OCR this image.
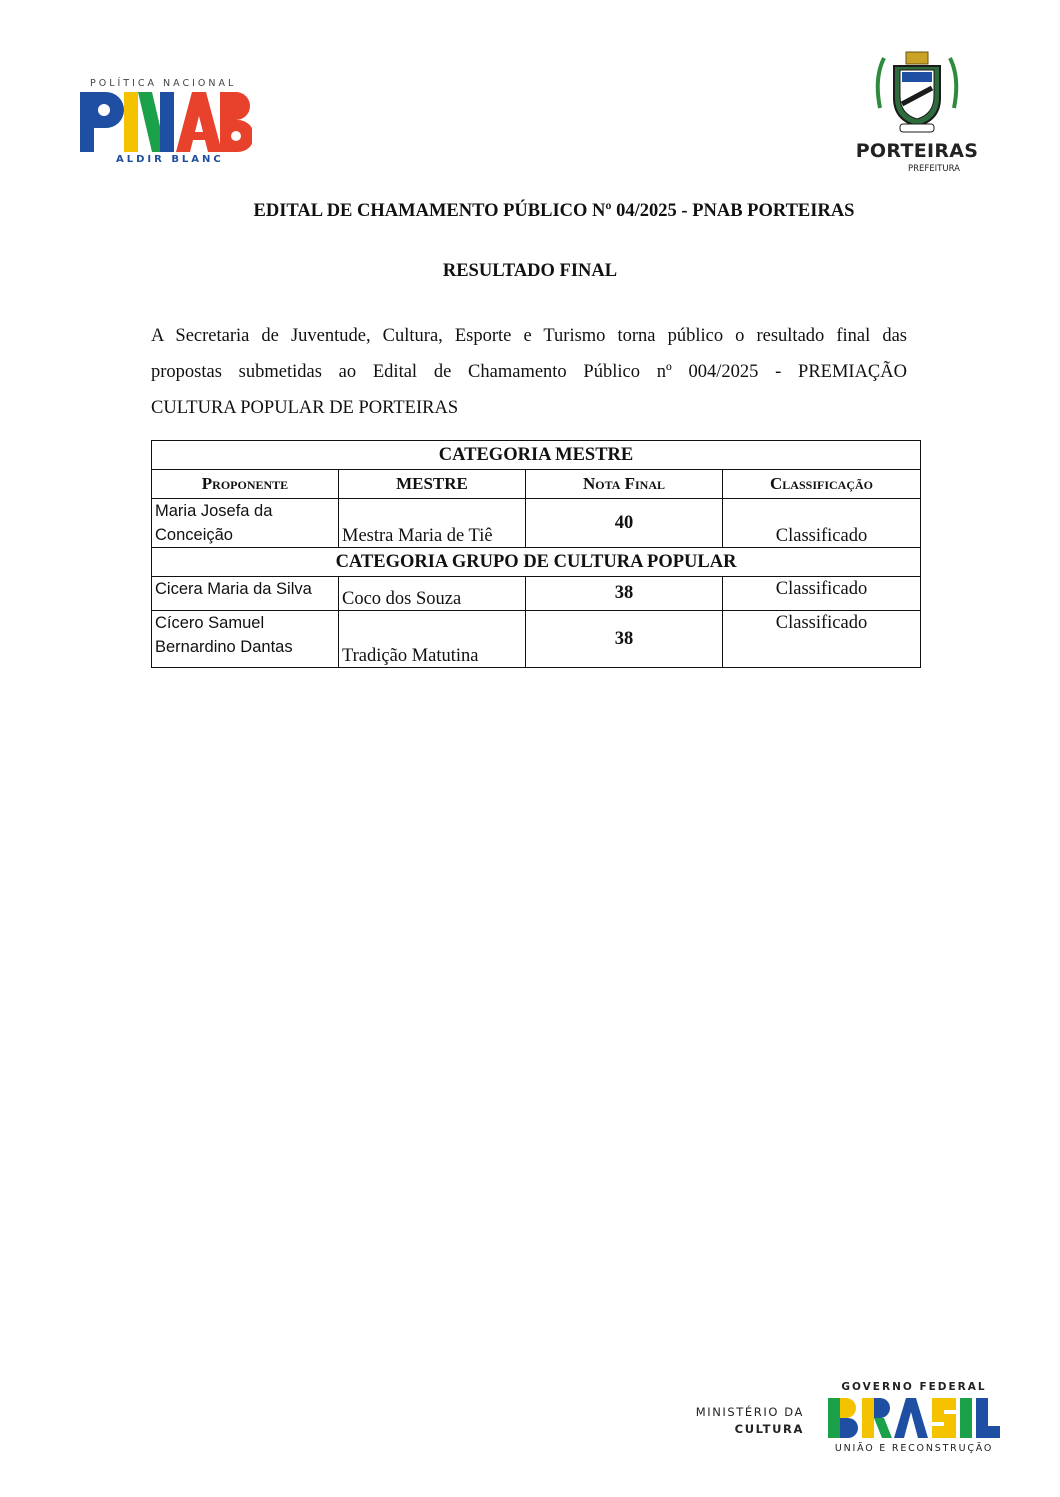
POLÍTICA NACIONAL
ALDIR BLANC	PORTEIRAS
PREFEITURA
EDITAL DE CHAMAMENTO PÚBLICO Nº 04/2025 - PNAB PORTEIRAS
RESULTADO FINAL

A Secretaria de Juventude, Cultura, Esporte e Turismo torna público o resultado final das

propostas submetidas ao Edital de Chamamento Público nº 004/2025 - PREMIAÇÃO

CULTURA POPULAR DE PORTEIRAS

CATEGORIA MESTRE			
Proponente	MESTRE	Nota Final	Classificação
Maria Josefa da Conceição	Mestra Maria de Tiê	40	Classificado
CATEGORIA GRUPO DE CULTURA POPULAR			
Cicera Maria da Silva	Coco dos Souza	38	Classificado
Cícero Samuel Bernardino Dantas	Tradição Matutina	38	Classificado
MINISTÉRIO DA
CULTURA
GOVERNO FEDERAL
UNIÃO E RECONSTRUÇÃO
